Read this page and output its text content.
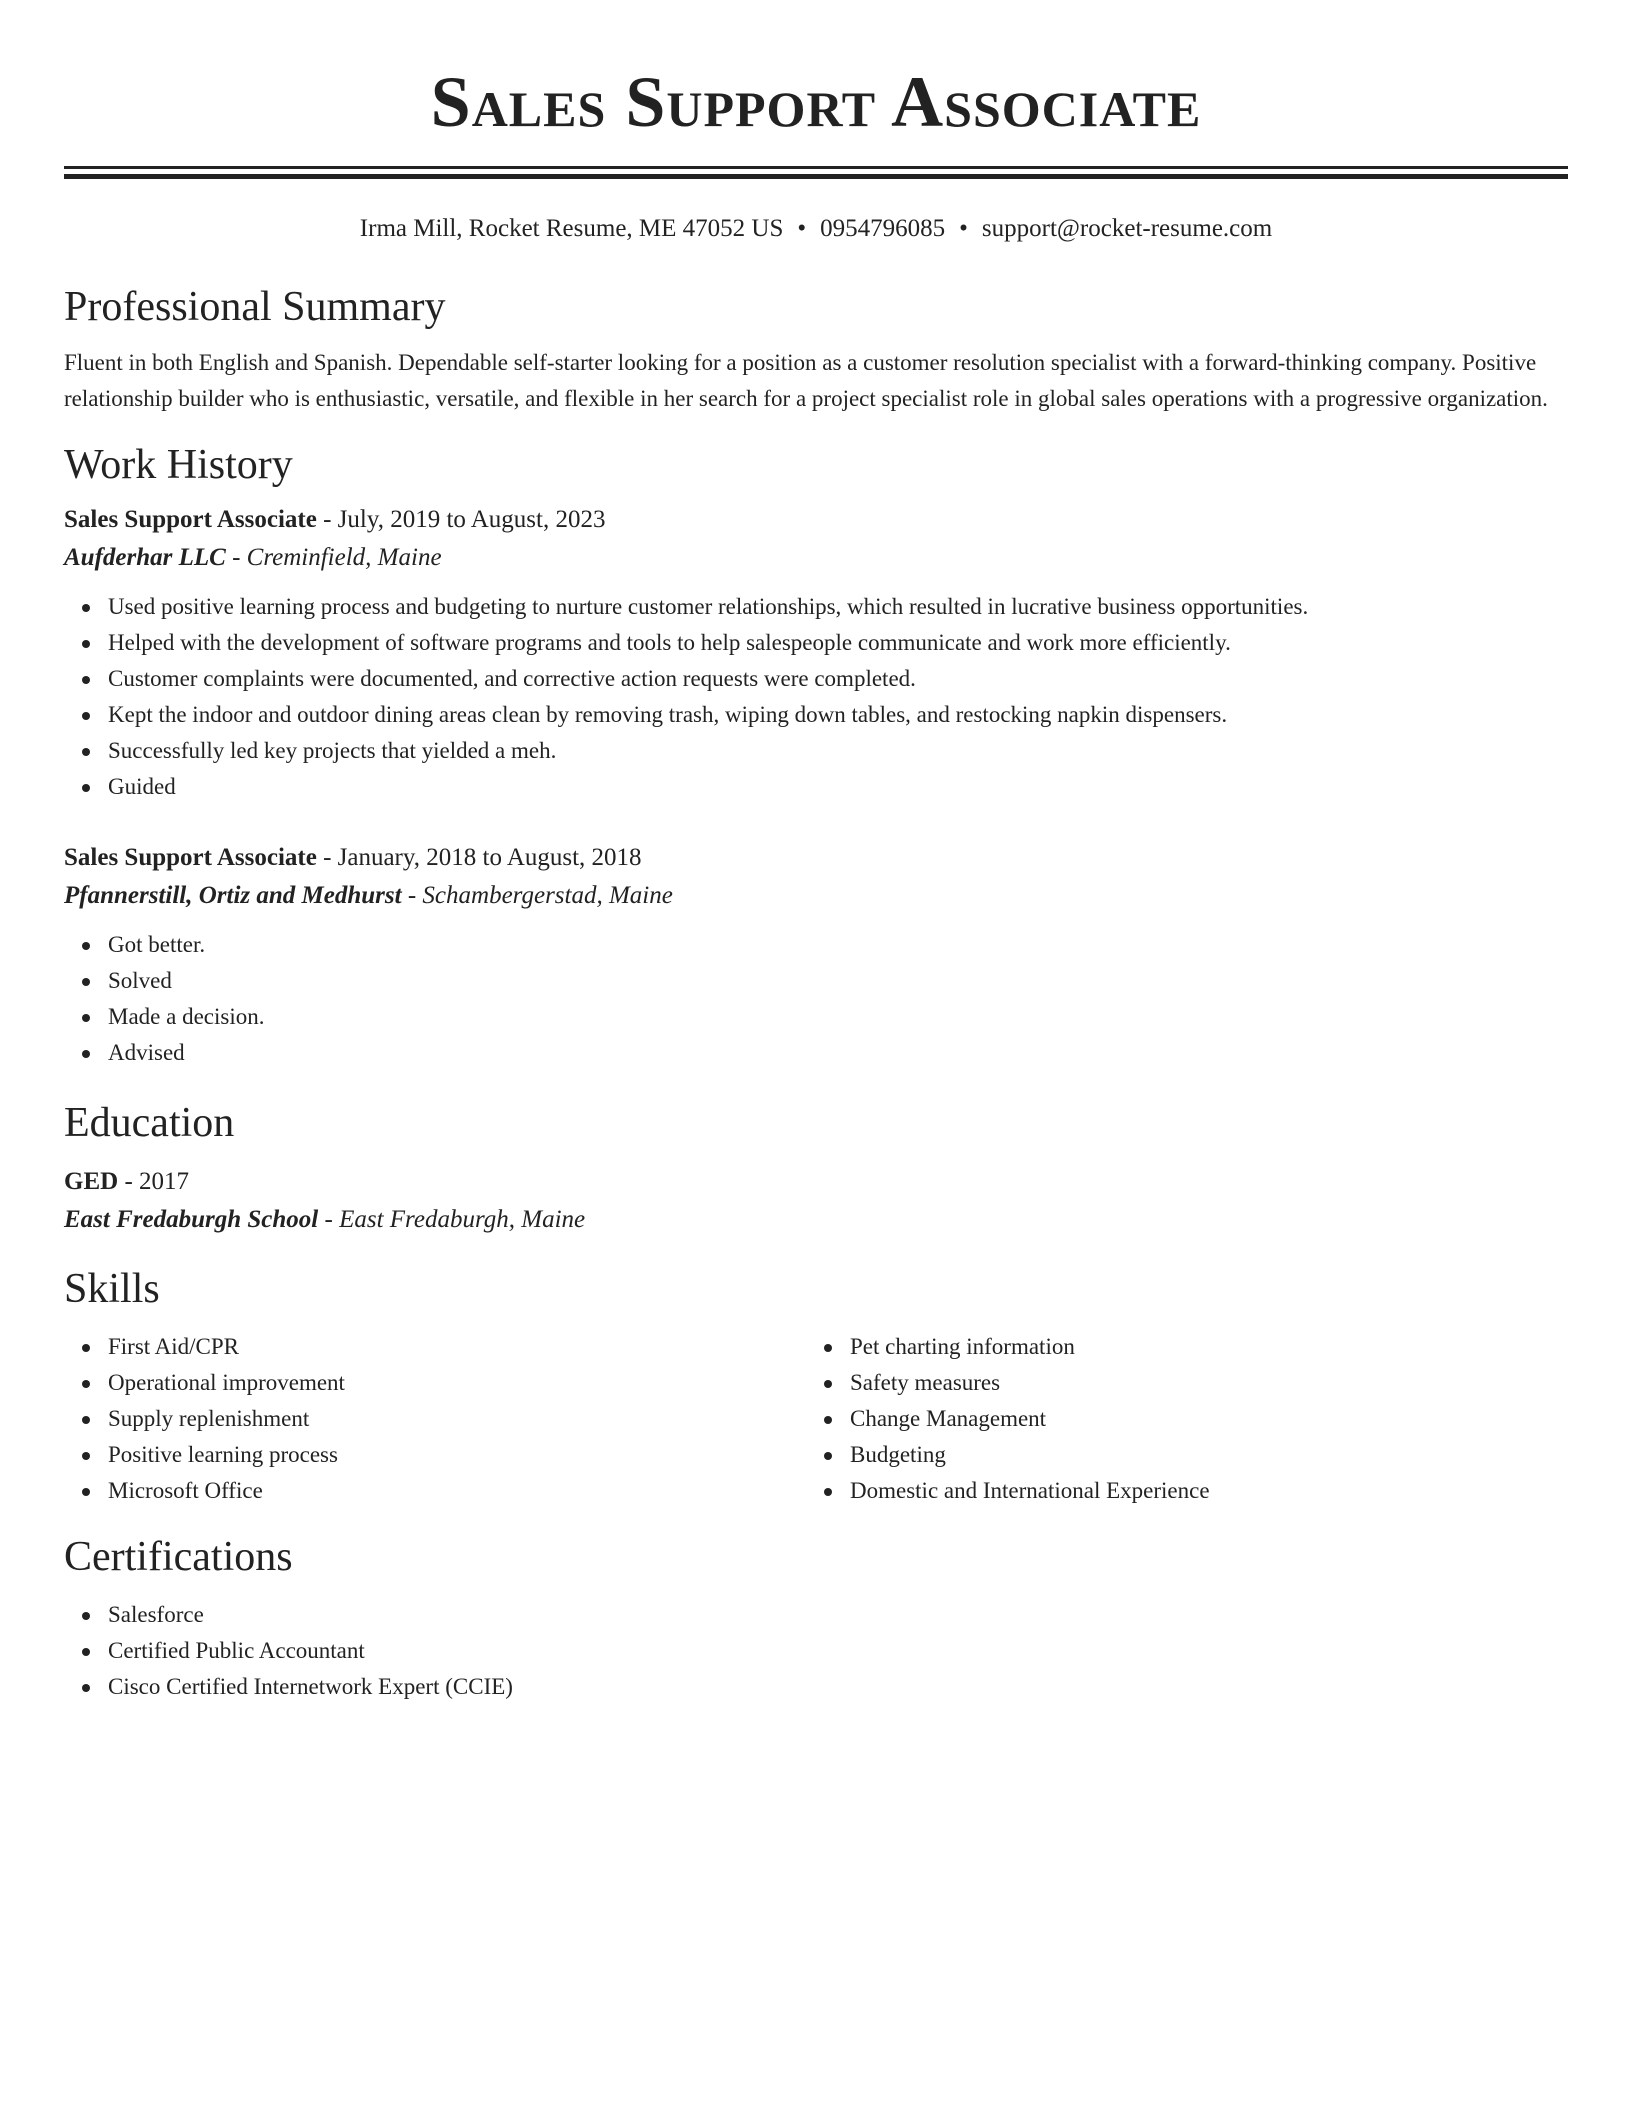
Sales Support Associate
Irma Mill, Rocket Resume, ME 47052 US • 0954796085 • support@rocket-resume.com
Professional Summary
Fluent in both English and Spanish. Dependable self-starter looking for a position as a customer resolution specialist with a forward-thinking company. Positive relationship builder who is enthusiastic, versatile, and flexible in her search for a project specialist role in global sales operations with a progressive organization.
Work History
Sales Support Associate - July, 2019 to August, 2023
Aufderhar LLC - Creminfield, Maine
Used positive learning process and budgeting to nurture customer relationships, which resulted in lucrative business opportunities.
Helped with the development of software programs and tools to help salespeople communicate and work more efficiently.
Customer complaints were documented, and corrective action requests were completed.
Kept the indoor and outdoor dining areas clean by removing trash, wiping down tables, and restocking napkin dispensers.
Successfully led key projects that yielded a meh.
Guided
Sales Support Associate - January, 2018 to August, 2018
Pfannerstill, Ortiz and Medhurst - Schambergerstad, Maine
Got better.
Solved
Made a decision.
Advised
Education
GED - 2017
East Fredaburgh School - East Fredaburgh, Maine
Skills
First Aid/CPR
Operational improvement
Supply replenishment
Positive learning process
Microsoft Office
Pet charting information
Safety measures
Change Management
Budgeting
Domestic and International Experience
Certifications
Salesforce
Certified Public Accountant
Cisco Certified Internetwork Expert (CCIE)
